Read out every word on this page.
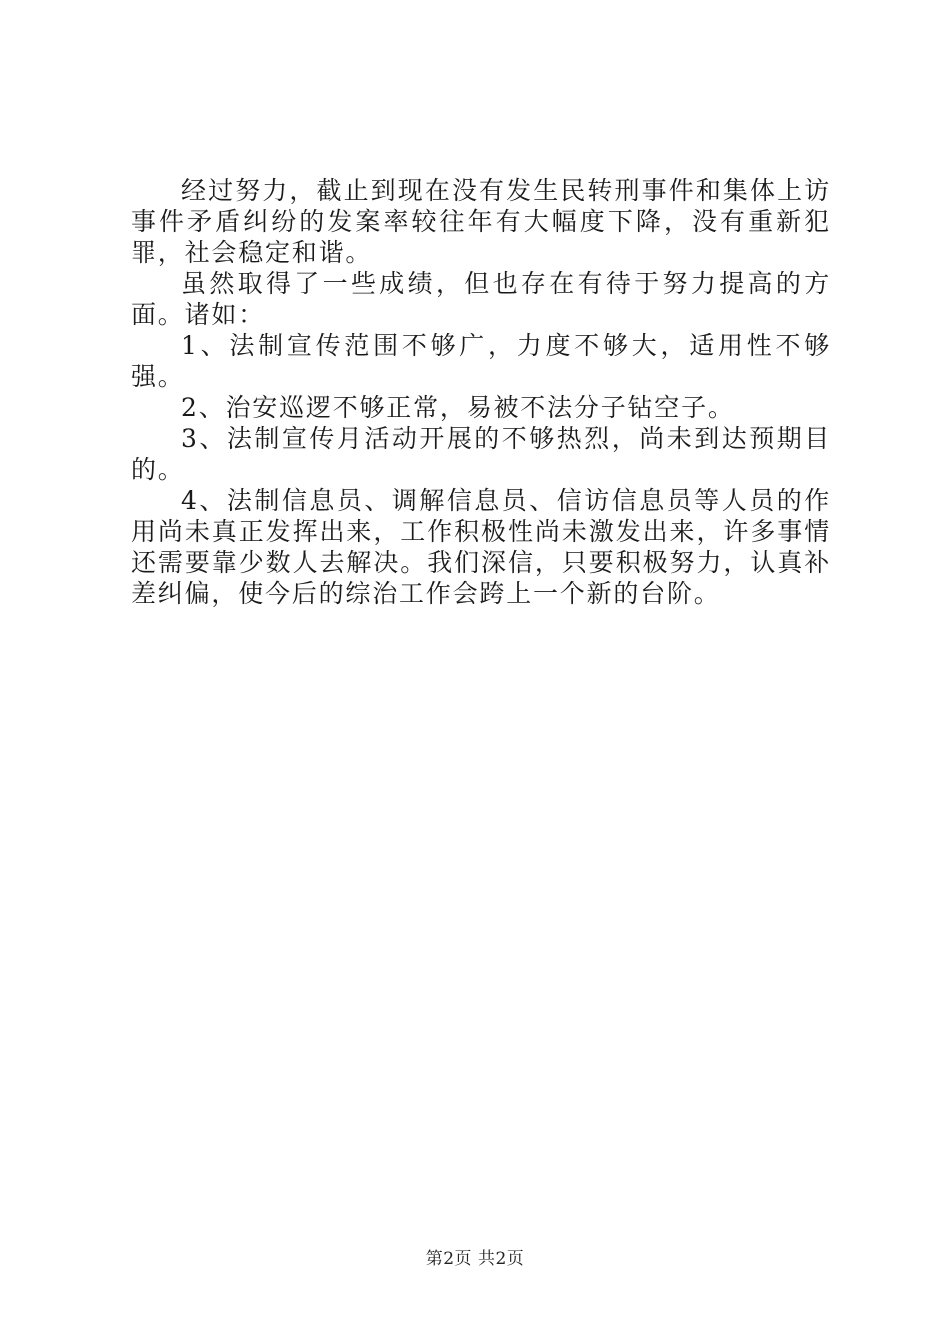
经过努力，截止到现在没有发生民转刑事件和集体上访事件矛盾纠纷的发案率较往年有大幅度下降，没有重新犯罪，社会稳定和谐。

虽然取得了一些成绩，但也存在有待于努力提高的方面。诸如：

1、法制宣传范围不够广，力度不够大，适用性不够强。

2、治安巡逻不够正常，易被不法分子钻空子。

3、法制宣传月活动开展的不够热烈，尚未到达预期目的。

4、法制信息员、调解信息员、信访信息员等人员的作用尚未真正发挥出来，工作积极性尚未激发出来，许多事情还需要靠少数人去解决。我们深信，只要积极努力，认真补差纠偏，使今后的综治工作会跨上一个新的台阶。

第2页 共2页
